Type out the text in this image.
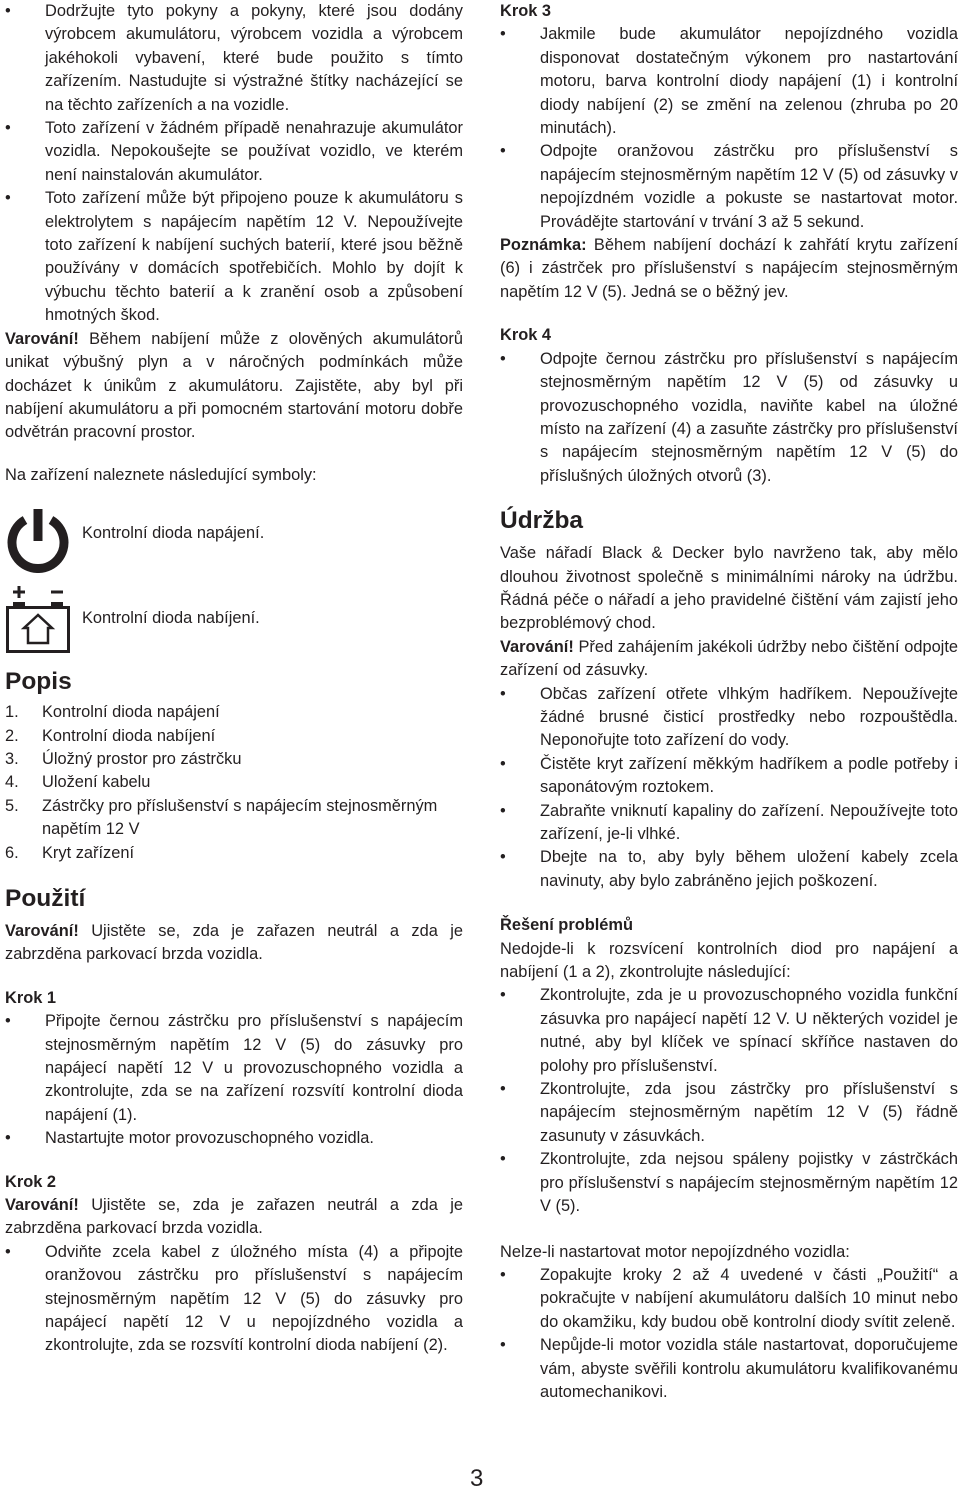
• Dodržujte tyto pokyny a pokyny, které jsou dodány výrobcem akumulátoru, výrobcem vozidla a výrobcem jakéhokoli vybavení, které bude použito s tímto zařízením. Nastudujte si výstražné štítky nacházející se na těchto zařízeních a na vozidle.
• Toto zařízení v žádném případě nenahrazuje akumulátor vozidla. Nepokoušejte se používat vozidlo, ve kterém není nainstalován akumulátor.
• Toto zařízení může být připojeno pouze k akumulátoru s elektrolytem s napájecím napětím 12 V. Nepoužívejte toto zařízení k nabíjení suchých baterií, které jsou běžně používány v domácích spotřebičích. Mohlo by dojít k výbuchu těchto baterií a k zranění osob a způsobení hmotných škod.

Varování! Během nabíjení může z olověných akumulátorů unikat výbušný plyn a v náročných podmínkách může docházet k únikům z akumulátoru. Zajistěte, aby byl při nabíjení akumulátoru a při pomocném startování motoru dobře odvětrán pracovní prostor.

Na zařízení naleznete následující symboly:

Kontrolní dioda napájení.
Kontrolní dioda nabíjení.

Popis

1. Kontrolní dioda napájení
2. Kontrolní dioda nabíjení
3. Úložný prostor pro zástrčku
4. Uložení kabelu
5. Zástrčky pro příslušenství s napájecím stejnosměrným napětím 12 V
6. Kryt zařízení

Použití

Varování! Ujistěte se, zda je zařazen neutrál a zda je zabrzděna parkovací brzda vozidla.

Krok 1

• Připojte černou zástrčku pro příslušenství s napájecím stejnosměrným napětím 12 V (5) do zásuvky pro napájecí napětí 12 V u provozuschopného vozidla a zkontrolujte, zda se na zařízení rozsvítí kontrolní dioda napájení (1).
• Nastartujte motor provozuschopného vozidla.

Krok 2

Varování! Ujistěte se, zda je zařazen neutrál a zda je zabrzděna parkovací brzda vozidla.

• Odviňte zcela kabel z úložného místa (4) a připojte oranžovou zástrčku pro příslušenství s napájecím stejnosměrným napětím 12 V (5) do zásuvky pro napájecí napětí 12 V u nepojízdného vozidla a zkontrolujte, zda se rozsvítí kontrolní dioda nabíjení (2).

Krok 3

• Jakmile bude akumulátor nepojízdného vozidla disponovat dostatečným výkonem pro nastartování motoru, barva kontrolní diody napájení (1) i kontrolní diody nabíjení (2) se změní na zelenou (zhruba po 20 minutách).
• Odpojte oranžovou zástrčku pro příslušenství s napájecím stejnosměrným napětím 12 V (5) od zásuvky v nepojízdném vozidle a pokuste se nastartovat motor. Provádějte startování v trvání 3 až 5 sekund.

Poznámka: Během nabíjení dochází k zahřátí krytu zařízení (6) i zástrček pro příslušenství s napájecím stejnosměrným napětím 12 V (5). Jedná se o běžný jev.

Krok 4

• Odpojte černou zástrčku pro příslušenství s napájecím stejnosměrným napětím 12 V (5) od zásuvky u provozuschopného vozidla, naviňte kabel na úložné místo na zařízení (4) a zasuňte zástrčky pro příslušenství s napájecím stejnosměrným napětím 12 V (5) do příslušných úložných otvorů (3).

Údržba

Vaše nářadí Black & Decker bylo navrženo tak, aby mělo dlouhou životnost společně s minimálními nároky na údržbu. Řádná péče o nářadí a jeho pravidelné čištění vám zajistí jeho bezproblémový chod.

Varování! Před zahájením jakékoli údržby nebo čištění odpojte zařízení od zásuvky.

• Občas zařízení otřete vlhkým hadříkem. Nepoužívejte žádné brusné čisticí prostředky nebo rozpouštědla. Neponořujte toto zařízení do vody.
• Čistěte kryt zařízení měkkým hadříkem a podle potřeby i saponátovým roztokem.
• Zabraňte vniknutí kapaliny do zařízení. Nepoužívejte toto zařízení, je-li vlhké.
• Dbejte na to, aby byly během uložení kabely zcela navinuty, aby bylo zabráněno jejich poškození.

Řešení problémů

Nedojde-li k rozsvícení kontrolních diod pro napájení a nabíjení (1 a 2), zkontrolujte následující:

• Zkontrolujte, zda je u provozuschopného vozidla funkční zásuvka pro napájecí napětí 12 V. U některých vozidel je nutné, aby byl klíček ve spínací skříňce nastaven do polohy pro příslušenství.
• Zkontrolujte, zda jsou zástrčky pro příslušenství s napájecím stejnosměrným napětím 12 V (5) řádně zasunuty v zásuvkách.
• Zkontrolujte, zda nejsou spáleny pojistky v zástrčkách pro příslušenství s napájecím stejnosměrným napětím 12 V (5).

Nelze-li nastartovat motor nepojízdného vozidla:

• Zopakujte kroky 2 až 4 uvedené v části „Použití“ a pokračujte v nabíjení akumulátoru dalších 10 minut nebo do okamžiku, kdy budou obě kontrolní diody svítit zeleně.
• Nepůjde-li motor vozidla stále nastartovat, doporučujeme vám, abyste svěřili kontrolu akumulátoru kvalifikovanému automechanikovi.
3
